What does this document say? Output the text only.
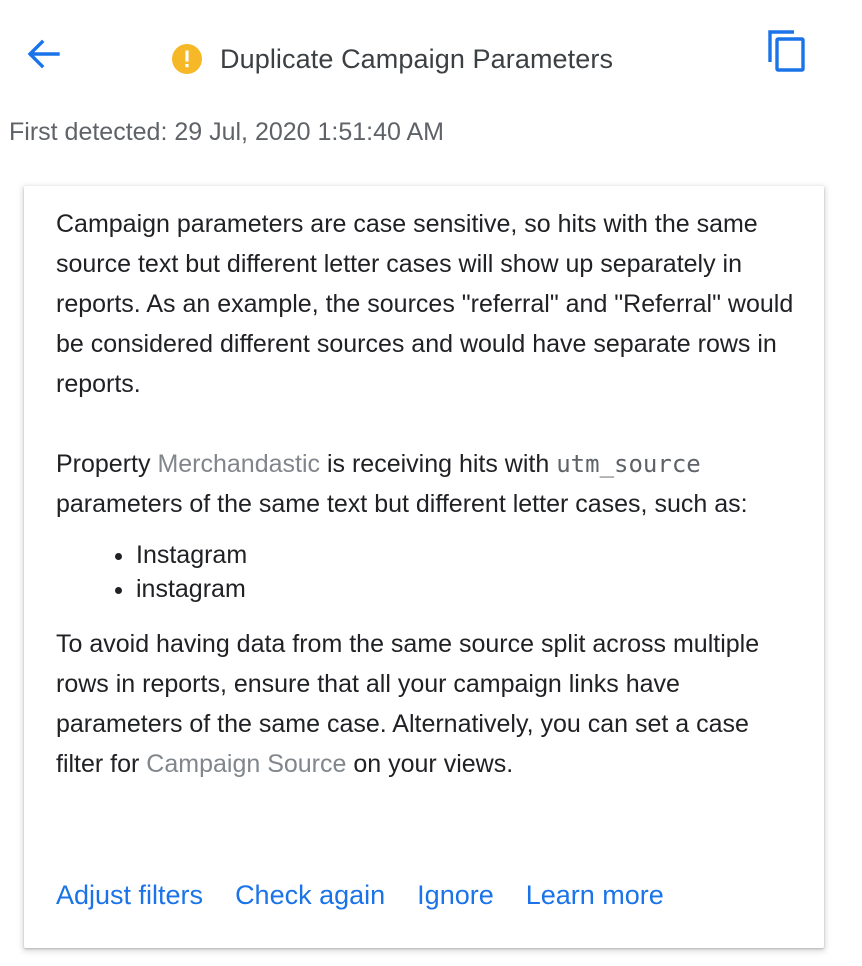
Duplicate Campaign Parameters
First detected: 29 Jul, 2020 1:51:40 AM

Campaign parameters are case sensitive, so hits with the same source text but different letter cases will show up separately in reports. As an example, the sources "referral" and "Referral" would be considered different sources and would have separate rows in reports.

Property Merchandastic is receiving hits with utm_source parameters of the same text but different letter cases, such as:

• Instagram
• instagram

To avoid having data from the same source split across multiple rows in reports, ensure that all your campaign links have parameters of the same case. Alternatively, you can set a case filter for Campaign Source on your views.

Adjust filters Check again Ignore Learn more
